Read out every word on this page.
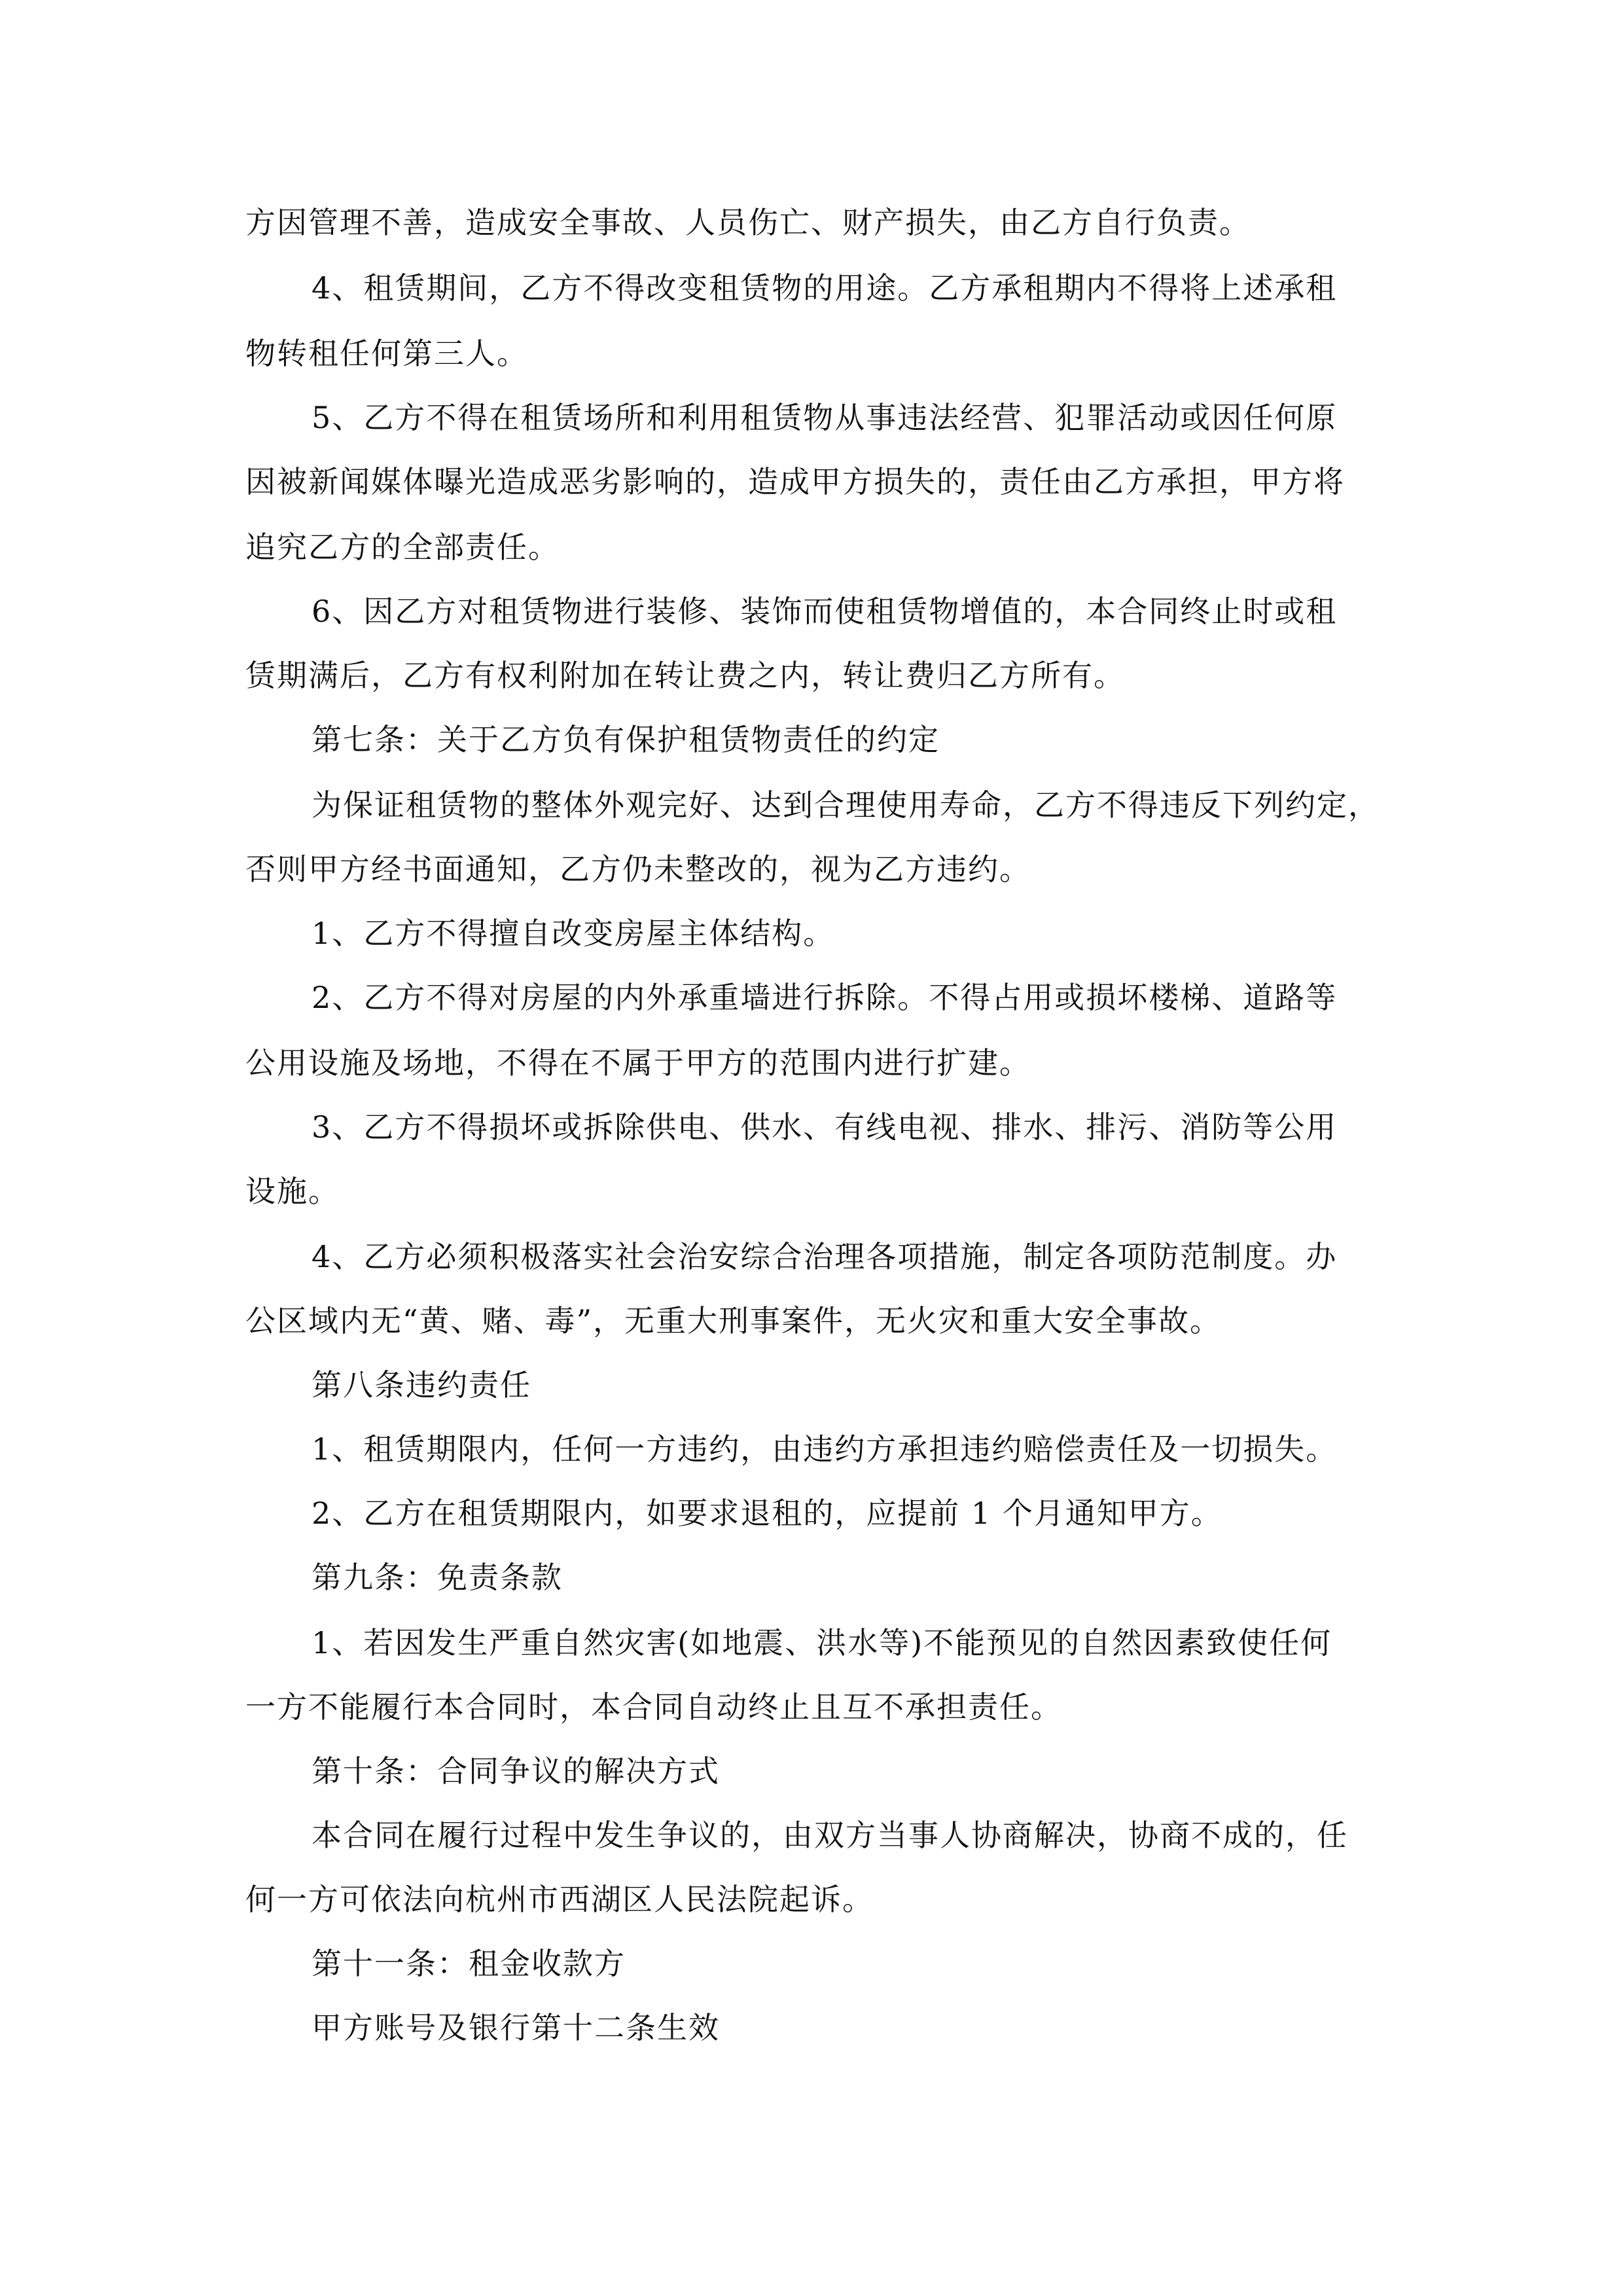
方因管理不善，造成安全事故、人员伤亡、财产损失，由乙方自行负责。
4、租赁期间，乙方不得改变租赁物的用途。乙方承租期内不得将上述承租
物转租任何第三人。
5、乙方不得在租赁场所和利用租赁物从事违法经营、犯罪活动或因任何原
因被新闻媒体曝光造成恶劣影响的，造成甲方损失的，责任由乙方承担，甲方将
追究乙方的全部责任。
6、因乙方对租赁物进行装修、装饰而使租赁物增值的，本合同终止时或租
赁期满后，乙方有权利附加在转让费之内，转让费归乙方所有。
第七条：关于乙方负有保护租赁物责任的约定
为保证租赁物的整体外观完好、达到合理使用寿命，乙方不得违反下列约定，
否则甲方经书面通知，乙方仍未整改的，视为乙方违约。
1、乙方不得擅自改变房屋主体结构。
2、乙方不得对房屋的内外承重墙进行拆除。不得占用或损坏楼梯、道路等
公用设施及场地，不得在不属于甲方的范围内进行扩建。
3、乙方不得损坏或拆除供电、供水、有线电视、排水、排污、消防等公用
设施。
4、乙方必须积极落实社会治安综合治理各项措施，制定各项防范制度。办
公区域内无“黄、赌、毒”，无重大刑事案件，无火灾和重大安全事故。
第八条违约责任
1、租赁期限内，任何一方违约，由违约方承担违约赔偿责任及一切损失。
2、乙方在租赁期限内，如要求退租的，应提前 1 个月通知甲方。
第九条：免责条款
1、若因发生严重自然灾害(如地震、洪水等)不能预见的自然因素致使任何
一方不能履行本合同时，本合同自动终止且互不承担责任。
第十条：合同争议的解决方式
本合同在履行过程中发生争议的，由双方当事人协商解决，协商不成的，任
何一方可依法向杭州市西湖区人民法院起诉。
第十一条：租金收款方
甲方账号及银行第十二条生效
